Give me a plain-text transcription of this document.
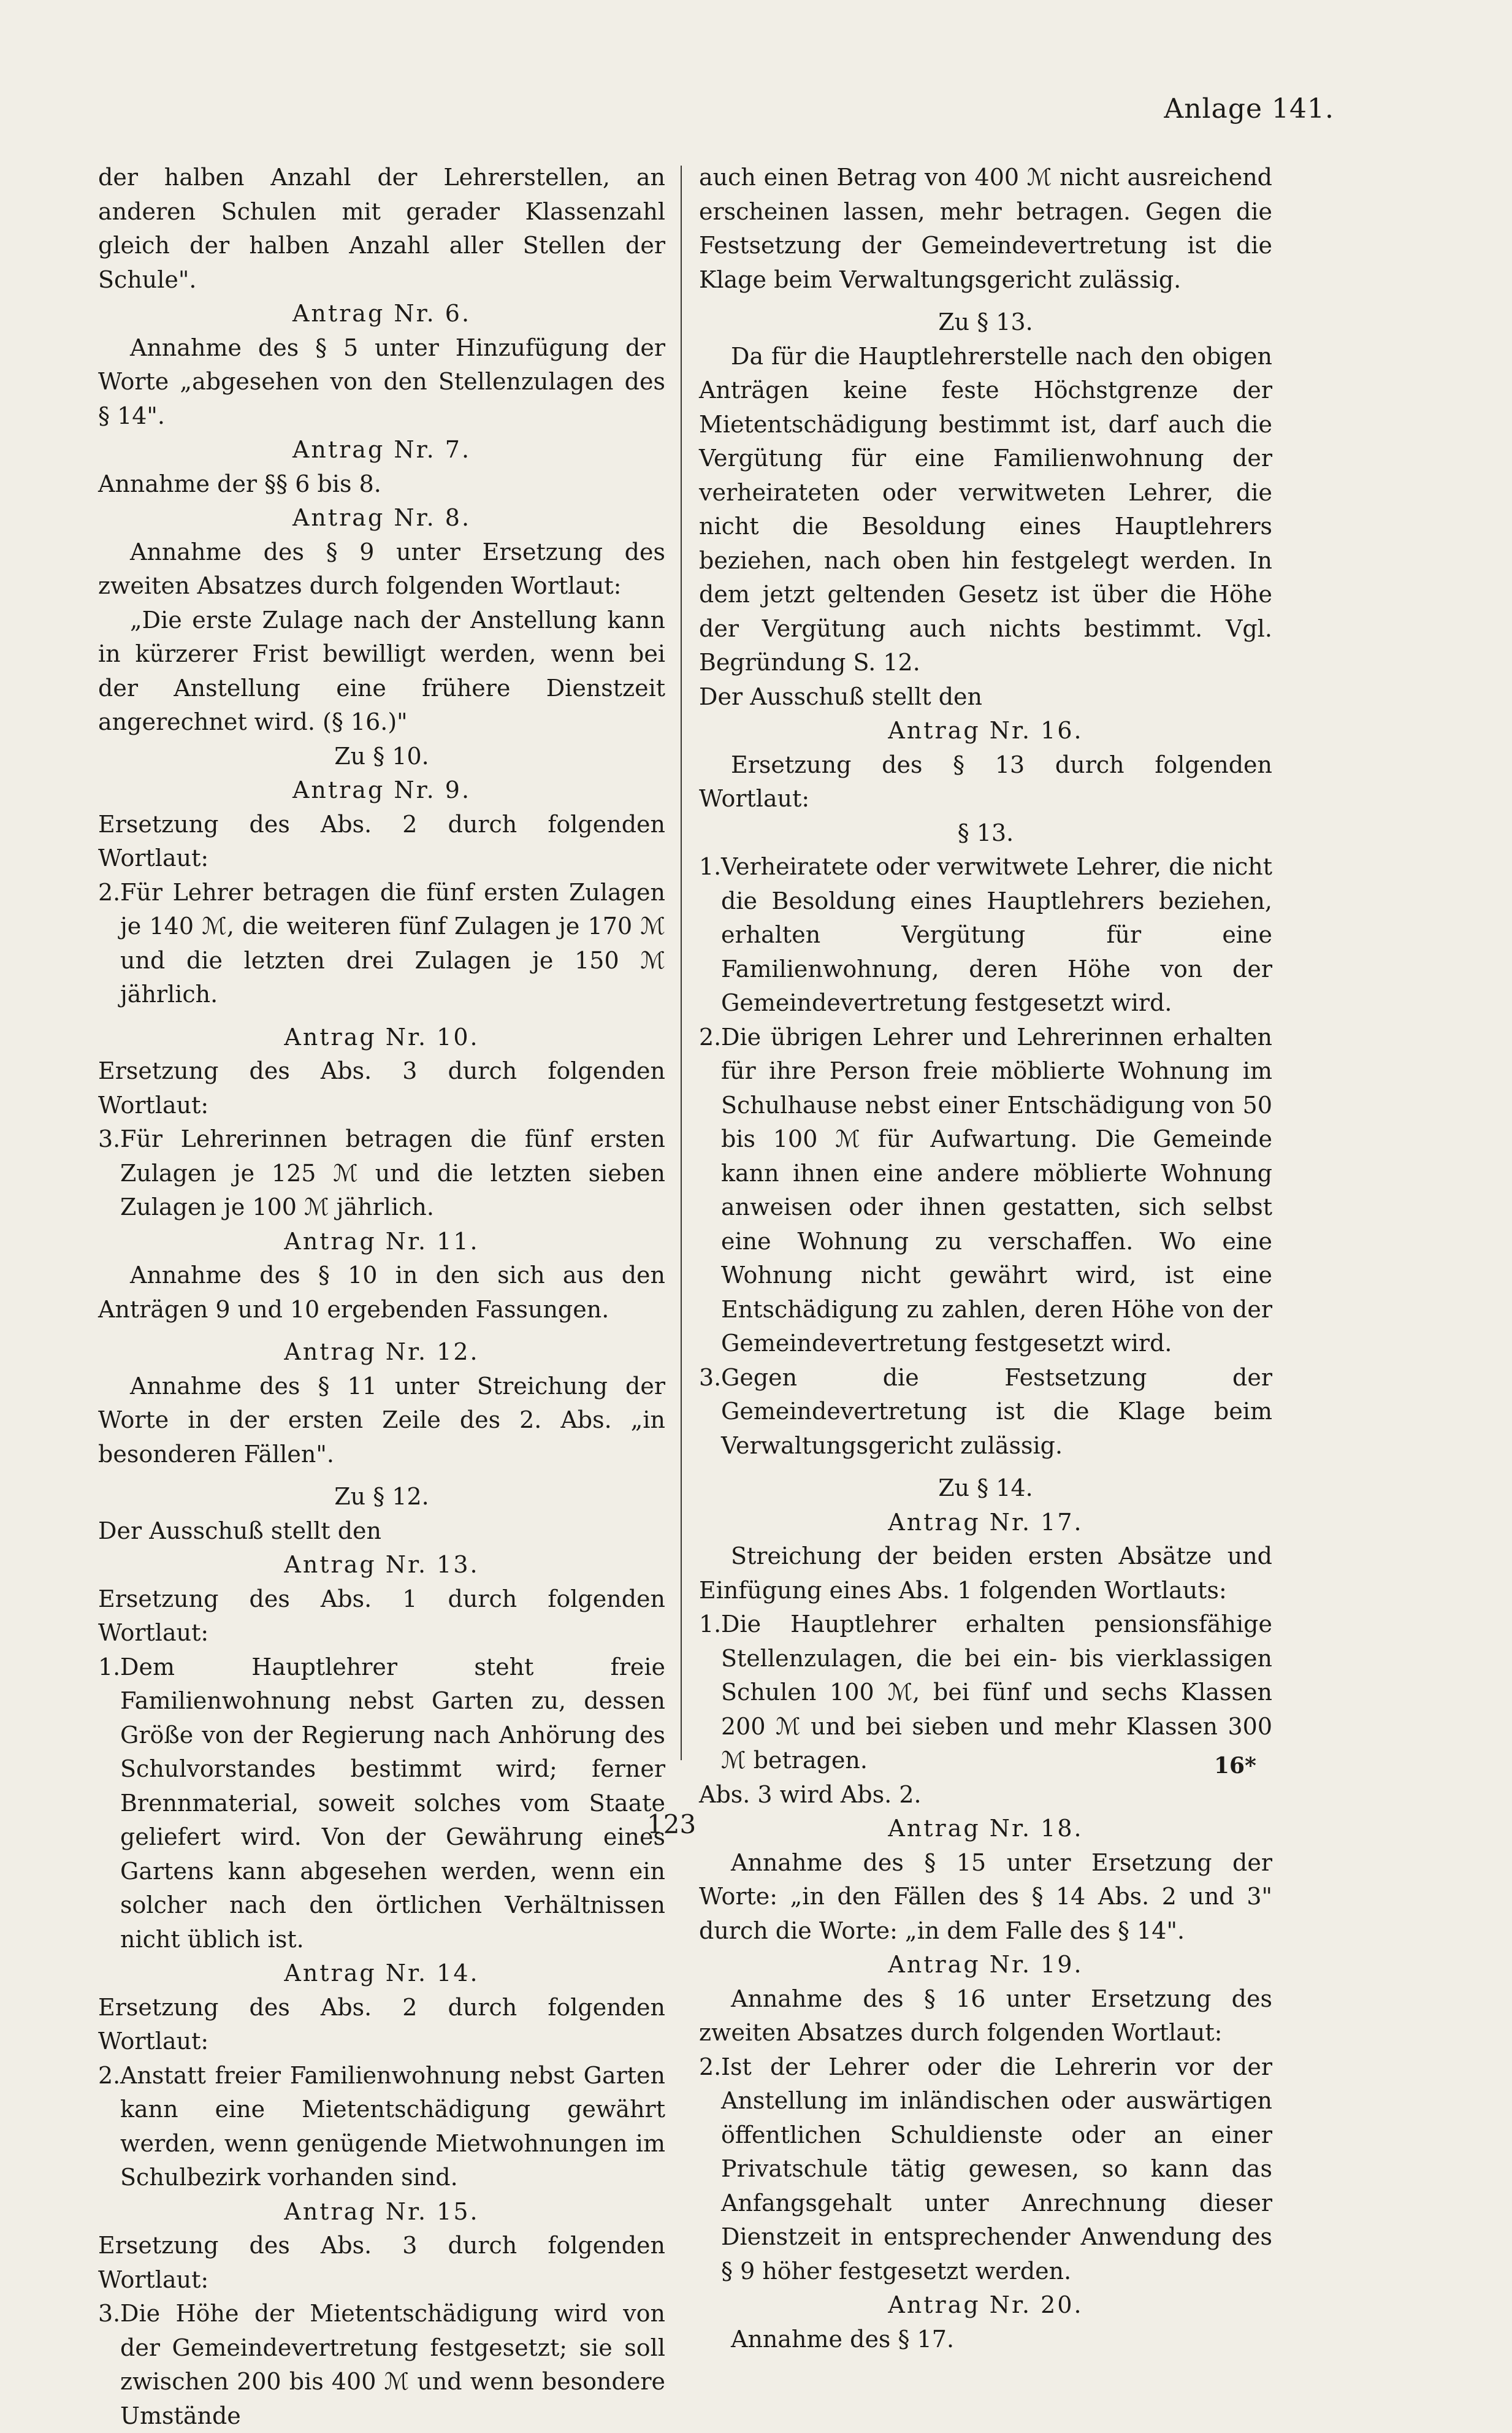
Anlage 141.

der halben Anzahl der Lehrerstellen, an anderen Schulen mit gerader Klassenzahl gleich der halben Anzahl aller Stellen der Schule".

Antrag Nr. 6.

Annahme des § 5 unter Hinzufügung der Worte „abgesehen von den Stellenzulagen des § 14".

Antrag Nr. 7.

Annahme der §§ 6 bis 8.

Antrag Nr. 8.

Annahme des § 9 unter Ersetzung des zweiten Absatzes durch folgenden Wortlaut:

„Die erste Zulage nach der Anstellung kann in kürzerer Frist bewilligt werden, wenn bei der Anstellung eine frühere Dienstzeit angerechnet wird. (§ 16.)"

Zu § 10.

Antrag Nr. 9.

Ersetzung des Abs. 2 durch folgenden Wortlaut:

2. Für Lehrer betragen die fünf ersten Zulagen je 140 ℳ, die weiteren fünf Zulagen je 170 ℳ und die letzten drei Zulagen je 150 ℳ jährlich.

Antrag Nr. 10.

Ersetzung des Abs. 3 durch folgenden Wortlaut:

3. Für Lehrerinnen betragen die fünf ersten Zulagen je 125 ℳ und die letzten sieben Zulagen je 100 ℳ jährlich.

Antrag Nr. 11.

Annahme des § 10 in den sich aus den Anträgen 9 und 10 ergebenden Fassungen.

Antrag Nr. 12.

Annahme des § 11 unter Streichung der Worte in der ersten Zeile des 2. Abs. „in besonderen Fällen".

Zu § 12.

Der Ausschuß stellt den

Antrag Nr. 13.

Ersetzung des Abs. 1 durch folgenden Wortlaut:

1. Dem Hauptlehrer steht freie Familienwohnung nebst Garten zu, dessen Größe von der Regierung nach Anhörung des Schulvorstandes bestimmt wird; ferner Brennmaterial, soweit solches vom Staate geliefert wird. Von der Gewährung eines Gartens kann abgesehen werden, wenn ein solcher nach den örtlichen Verhältnissen nicht üblich ist.

Antrag Nr. 14.

Ersetzung des Abs. 2 durch folgenden Wortlaut:

2. Anstatt freier Familienwohnung nebst Garten kann eine Mietentschädigung gewährt werden, wenn genügende Mietwohnungen im Schulbezirk vorhanden sind.

Antrag Nr. 15.

Ersetzung des Abs. 3 durch folgenden Wortlaut:

3. Die Höhe der Mietentschädigung wird von der Gemeindevertretung festgesetzt; sie soll zwischen 200 bis 400 ℳ und wenn besondere Umstände

auch einen Betrag von 400 ℳ nicht ausreichend erscheinen lassen, mehr betragen. Gegen die Festsetzung der Gemeindevertretung ist die Klage beim Verwaltungsgericht zulässig.

Zu § 13.

Da für die Hauptlehrerstelle nach den obigen Anträgen keine feste Höchstgrenze der Mietentschädigung bestimmt ist, darf auch die Vergütung für eine Familienwohnung der verheirateten oder verwitweten Lehrer, die nicht die Besoldung eines Hauptlehrers beziehen, nach oben hin festgelegt werden. In dem jetzt geltenden Gesetz ist über die Höhe der Vergütung auch nichts bestimmt. Vgl. Begründung S. 12.

Der Ausschuß stellt den

Antrag Nr. 16.

Ersetzung des § 13 durch folgenden Wortlaut:

§ 13.

1. Verheiratete oder verwitwete Lehrer, die nicht die Besoldung eines Hauptlehrers beziehen, erhalten Vergütung für eine Familienwohnung, deren Höhe von der Gemeindevertretung festgesetzt wird.
2. Die übrigen Lehrer und Lehrerinnen erhalten für ihre Person freie möblierte Wohnung im Schulhause nebst einer Entschädigung von 50 bis 100 ℳ für Aufwartung. Die Gemeinde kann ihnen eine andere möblierte Wohnung anweisen oder ihnen gestatten, sich selbst eine Wohnung zu verschaffen. Wo eine Wohnung nicht gewährt wird, ist eine Entschädigung zu zahlen, deren Höhe von der Gemeindevertretung festgesetzt wird.
3. Gegen die Festsetzung der Gemeindevertretung ist die Klage beim Verwaltungsgericht zulässig.

Zu § 14.

Antrag Nr. 17.

Streichung der beiden ersten Absätze und Einfügung eines Abs. 1 folgenden Wortlauts:

1. Die Hauptlehrer erhalten pensionsfähige Stellenzulagen, die bei ein- bis vierklassigen Schulen 100 ℳ, bei fünf und sechs Klassen 200 ℳ und bei sieben und mehr Klassen 300 ℳ betragen.

Abs. 3 wird Abs. 2.

Antrag Nr. 18.

Annahme des § 15 unter Ersetzung der Worte: „in den Fällen des § 14 Abs. 2 und 3" durch die Worte: „in dem Falle des § 14".

Antrag Nr. 19.

Annahme des § 16 unter Ersetzung des zweiten Absatzes durch folgenden Wortlaut:

2. Ist der Lehrer oder die Lehrerin vor der Anstellung im inländischen oder auswärtigen öffentlichen Schuldienste oder an einer Privatschule tätig gewesen, so kann das Anfangsgehalt unter Anrechnung dieser Dienstzeit in entsprechender Anwendung des § 9 höher festgesetzt werden.

Antrag Nr. 20.

Annahme des § 17.

16*
123
